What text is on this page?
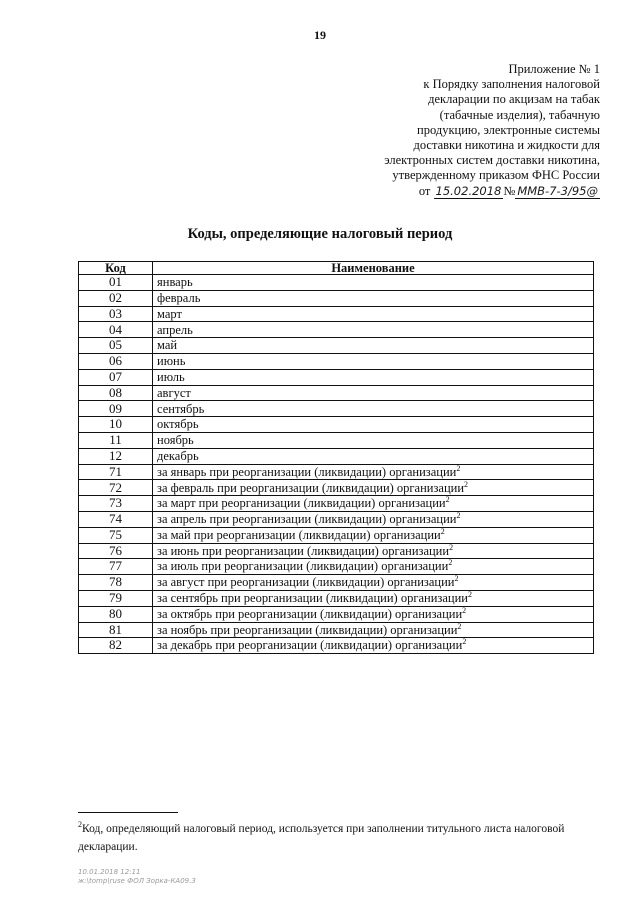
19
Приложение № 1
к Порядку заполнения налоговой
декларации по акцизам на табак
(табачные изделия), табачную
продукцию, электронные системы
доставки никотина и жидкости для
электронных систем доставки никотина,
утвержденному приказом ФНС России
от 15.02.2018 № ММВ-7-3/95@
Коды, определяющие налоговый период
Код	Наименование
01	январь
02	февраль
03	март
04	апрель
05	май
06	июнь
07	июль
08	август
09	сентябрь
10	октябрь
11	ноябрь
12	декабрь
71	за январь при реорганизации (ликвидации) организации$^2$
72	за февраль при реорганизации (ликвидации) организации$^2$
73	за март при реорганизации (ликвидации) организации$^2$
74	за апрель при реорганизации (ликвидации) организации$^2$
75	за май при реорганизации (ликвидации) организации$^2$
76	за июнь при реорганизации (ликвидации) организации$^2$
77	за июль при реорганизации (ликвидации) организации$^2$
78	за август при реорганизации (ликвидации) организации$^2$
79	за сентябрь при реорганизации (ликвидации) организации$^2$
80	за октябрь при реорганизации (ликвидации) организации$^2$
81	за ноябрь при реорганизации (ликвидации) организации$^2$
82	за декабрь при реорганизации (ликвидации) организации$^2$
$^2$Код, определяющий налоговый период, используется при заполнении титульного листа налоговой декларации.
10.01.2018 12:11
ж:\tomp\ruse ФОЛ Зорка-КА09.3
